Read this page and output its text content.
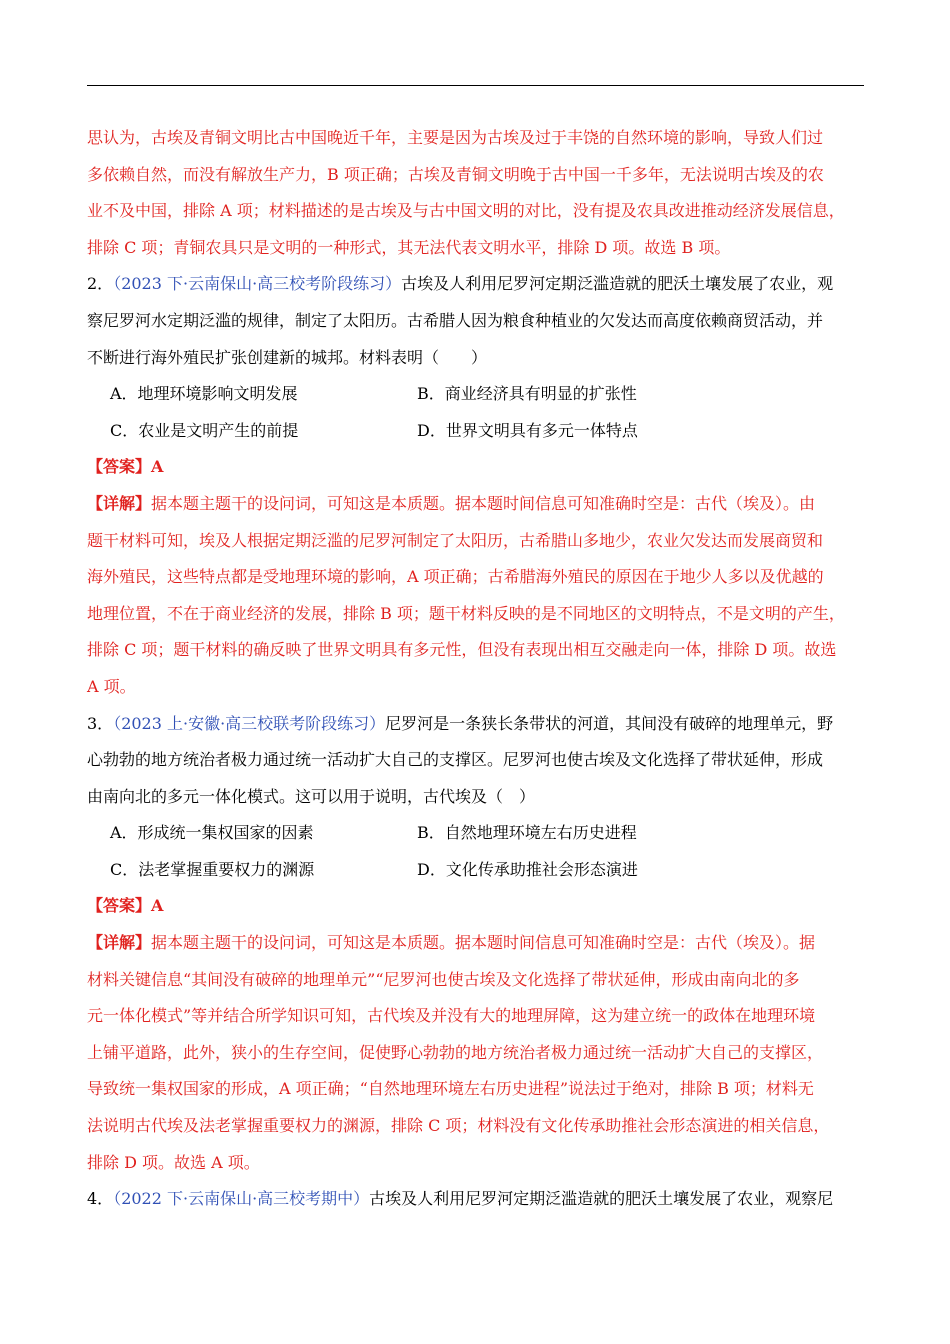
思认为，古埃及青铜文明比古中国晚近千年，主要是因为古埃及过于丰饶的自然环境的影响，导致人们过
多依赖自然，而没有解放生产力，B 项正确；古埃及青铜文明晚于古中国一千多年，无法说明古埃及的农
业不及中国，排除 A 项；材料描述的是古埃及与古中国文明的对比，没有提及农具改进推动经济发展信息，
排除 C 项；青铜农具只是文明的一种形式，其无法代表文明水平，排除 D 项。故选 B 项。
2．（2023 下·云南保山·高三校考阶段练习）古埃及人利用尼罗河定期泛滥造就的肥沃土壤发展了农业，观
察尼罗河水定期泛滥的规律，制定了太阳历。古希腊人因为粮食种植业的欠发达而高度依赖商贸活动，并
不断进行海外殖民扩张创建新的城邦。材料表明（　　）
A．地理环境影响文明发展	B．商业经济具有明显的扩张性
C．农业是文明产生的前提	D．世界文明具有多元一体特点
【答案】A
【详解】据本题主题干的设问词，可知这是本质题。据本题时间信息可知准确时空是：古代（埃及）。由
题干材料可知，埃及人根据定期泛滥的尼罗河制定了太阳历，古希腊山多地少，农业欠发达而发展商贸和
海外殖民，这些特点都是受地理环境的影响，A 项正确；古希腊海外殖民的原因在于地少人多以及优越的
地理位置，不在于商业经济的发展，排除 B 项；题干材料反映的是不同地区的文明特点，不是文明的产生，
排除 C 项；题干材料的确反映了世界文明具有多元性，但没有表现出相互交融走向一体，排除 D 项。故选
A 项。
3．（2023 上·安徽·高三校联考阶段练习）尼罗河是一条狭长条带状的河道，其间没有破碎的地理单元，野
心勃勃的地方统治者极力通过统一活动扩大自己的支撑区。尼罗河也使古埃及文化选择了带状延伸，形成
由南向北的多元一体化模式。这可以用于说明，古代埃及（　）
A．形成统一集权国家的因素	B．自然地理环境左右历史进程
C．法老掌握重要权力的渊源	D．文化传承助推社会形态演进
【答案】A
【详解】据本题主题干的设问词，可知这是本质题。据本题时间信息可知准确时空是：古代（埃及）。据
材料关键信息“其间没有破碎的地理单元”“尼罗河也使古埃及文化选择了带状延伸，形成由南向北的多
元一体化模式”等并结合所学知识可知，古代埃及并没有大的地理屏障，这为建立统一的政体在地理环境
上铺平道路，此外，狭小的生存空间，促使野心勃勃的地方统治者极力通过统一活动扩大自己的支撑区，
导致统一集权国家的形成，A 项正确；“自然地理环境左右历史进程”说法过于绝对，排除 B 项；材料无
法说明古代埃及法老掌握重要权力的渊源，排除 C 项；材料没有文化传承助推社会形态演进的相关信息，
排除 D 项。故选 A 项。
4．（2022 下·云南保山·高三校考期中）古埃及人利用尼罗河定期泛滥造就的肥沃土壤发展了农业，观察尼
